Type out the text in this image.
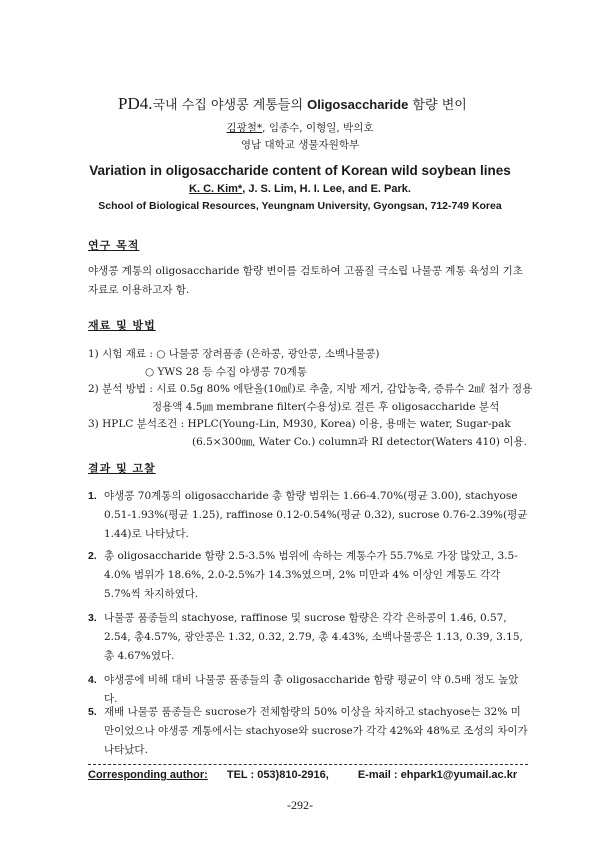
PD4.국내 수집 야생콩 계통들의 Oligosaccharide 함량 변이
김광철*, 임종수, 이형일, 박의호
영남 대학교 생물자원학부
Variation in oligosaccharide content of Korean wild soybean lines
K. C. Kim*, J. S. Lim, H. I. Lee, and E. Park.
School of Biological Resources, Yeungnam University, Gyongsan, 712-749 Korea
연구 목적
야생콩 계통의 oligosaccharide 함량 변이를 검토하여 고품질 극소립 나물콩 계통 육성의 기초자료로 이용하고자 함.
재료 및 방법
1) 시험 재료 : ○ 나물콩 장려품종 (은하콩, 광안콩, 소백나물콩)
○ YWS 28 등 수집 야생콩 70계통
2) 분석 방법 : 시료 0.5g 80% 에탄올(10㎖)로 추출, 지방 제거, 감압농축, 증류수 2㎖ 첨가 정용
정용액 4.5㎛ membrane filter(수용성)로 걸른 후 oligosaccharide 분석
3) HPLC 분석조건 : HPLC(Young-Lin, M930, Korea) 이용, 용매는 water, Sugar-pak
(6.5×300㎜, Water Co.) column과 RI detector(Waters 410) 이용.
결과 및 고찰
1. 야생콩 70계통의 oligosaccharide 총 함량 범위는 1.66-4.70%(평균 3.00), stachyose 0.51-1.93%(평균 1.25), raffinose 0.12-0.54%(평균 0.32), sucrose 0.76-2.39%(평균 1.44)로 나타났다.
2. 총 oligosaccharide 함량 2.5-3.5% 범위에 속하는 계통수가 55.7%로 가장 많았고, 3.5-4.0% 범위가 18.6%, 2.0-2.5%가 14.3%였으며, 2% 미만과 4% 이상인 계통도 각각 5.7%씩 차지하였다.
3. 나물콩 품종들의 stachyose, raffinose 및 sucrose 함량은 각각 은하콩이 1.46, 0.57, 2.54, 총4.57%, 광안콩은 1.32, 0.32, 2.79, 총 4.43%, 소백나물콩은 1.13, 0.39, 3.15, 총 4.67%였다.
4. 야생콩에 비해 대비 나물콩 품종들의 총 oligosaccharide 함량 평균이 약 0.5배 정도 높았다.
5. 재배 나물콩 품종들은 sucrose가 전체함량의 50% 이상을 차지하고 stachyose는 32% 미만이었으나 야생콩 계통에서는 stachyose와 sucrose가 각각 42%와 48%로 조성의 차이가 나타났다.
Corresponding author: TEL : 053)810-2916,	E-mail : ehpark1@yumail.ac.kr
-292-
